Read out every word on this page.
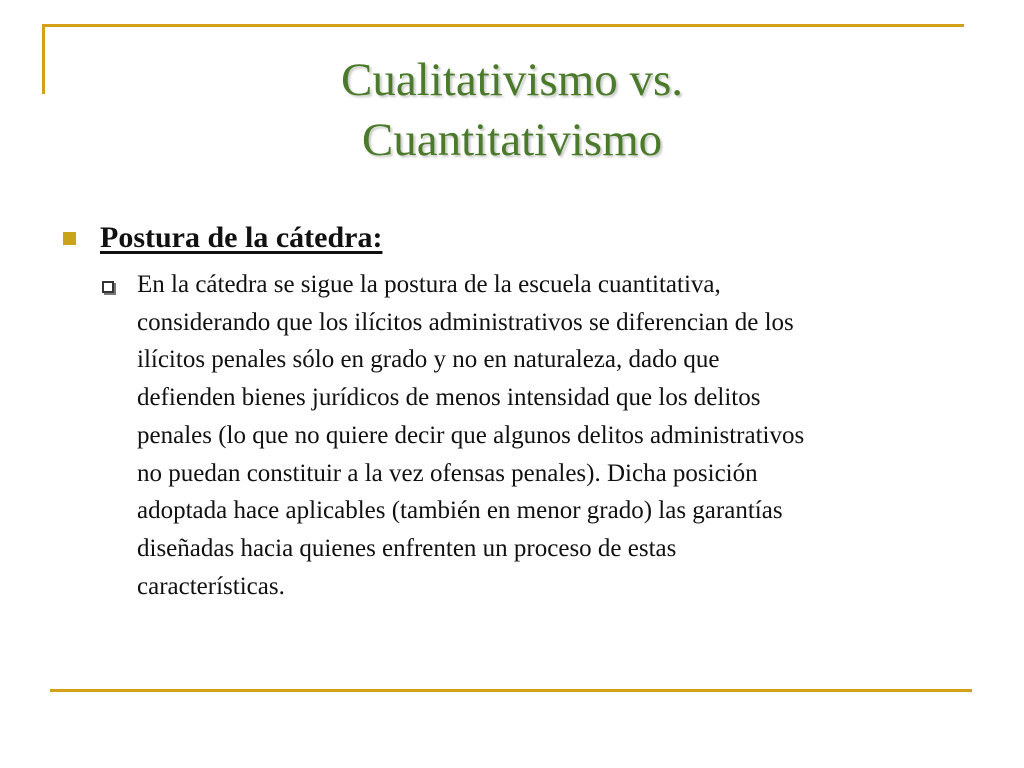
Cualitativismo vs.
Cuantitativismo
Postura de la cátedra:

En la cátedra se sigue la postura de la escuela cuantitativa,
considerando que los ilícitos administrativos se diferencian de los
ilícitos penales sólo en grado y no en naturaleza, dado que
defienden bienes jurídicos de menos intensidad que los delitos
penales (lo que no quiere decir que algunos delitos administrativos
no puedan constituir a la vez ofensas penales). Dicha posición
adoptada hace aplicables (también en menor grado) las garantías
diseñadas hacia quienes enfrenten un proceso de estas
características.
